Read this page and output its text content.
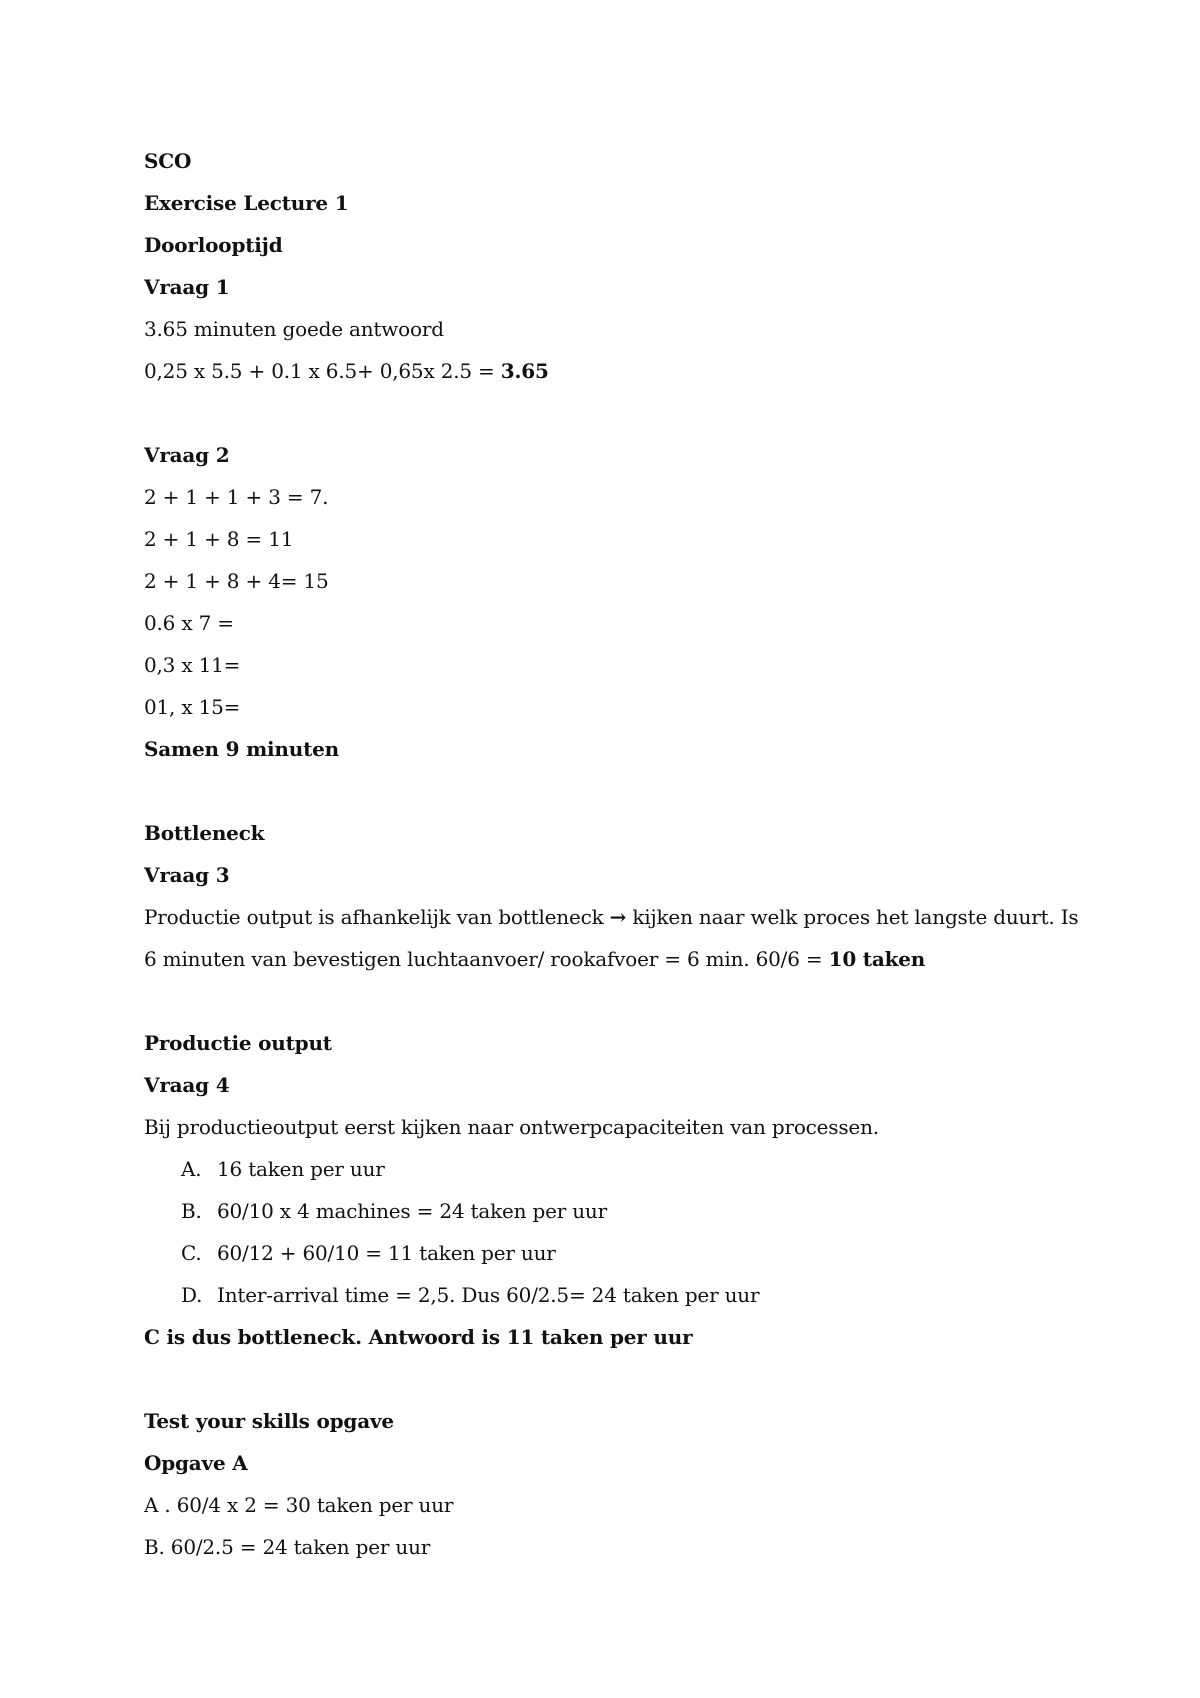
SCO
Exercise Lecture 1
Doorlooptijd
Vraag 1
3.65 minuten goede antwoord
0,25 x 5.5 + 0.1 x 6.5+ 0,65x 2.5 = 3.65
Vraag 2
2 + 1 + 1 + 3 = 7.
2 + 1 + 8 = 11
2 + 1 + 8 + 4= 15
0.6 x 7 =
0,3 x 11=
01, x 15=
Samen 9 minuten
Bottleneck
Vraag 3
Productie output is afhankelijk van bottleneck → kijken naar welk proces het langste duurt. Is
6 minuten van bevestigen luchtaanvoer/ rookafvoer = 6 min. 60/6 = 10 taken
Productie output
Vraag 4
Bij productieoutput eerst kijken naar ontwerpcapaciteiten van processen.
A. 16 taken per uur
B. 60/10 x 4 machines = 24 taken per uur
C. 60/12 + 60/10 = 11 taken per uur
D. Inter-arrival time = 2,5. Dus 60/2.5= 24 taken per uur
C is dus bottleneck. Antwoord is 11 taken per uur
Test your skills opgave
Opgave A
A . 60/4 x 2 = 30 taken per uur
B. 60/2.5 = 24 taken per uur
